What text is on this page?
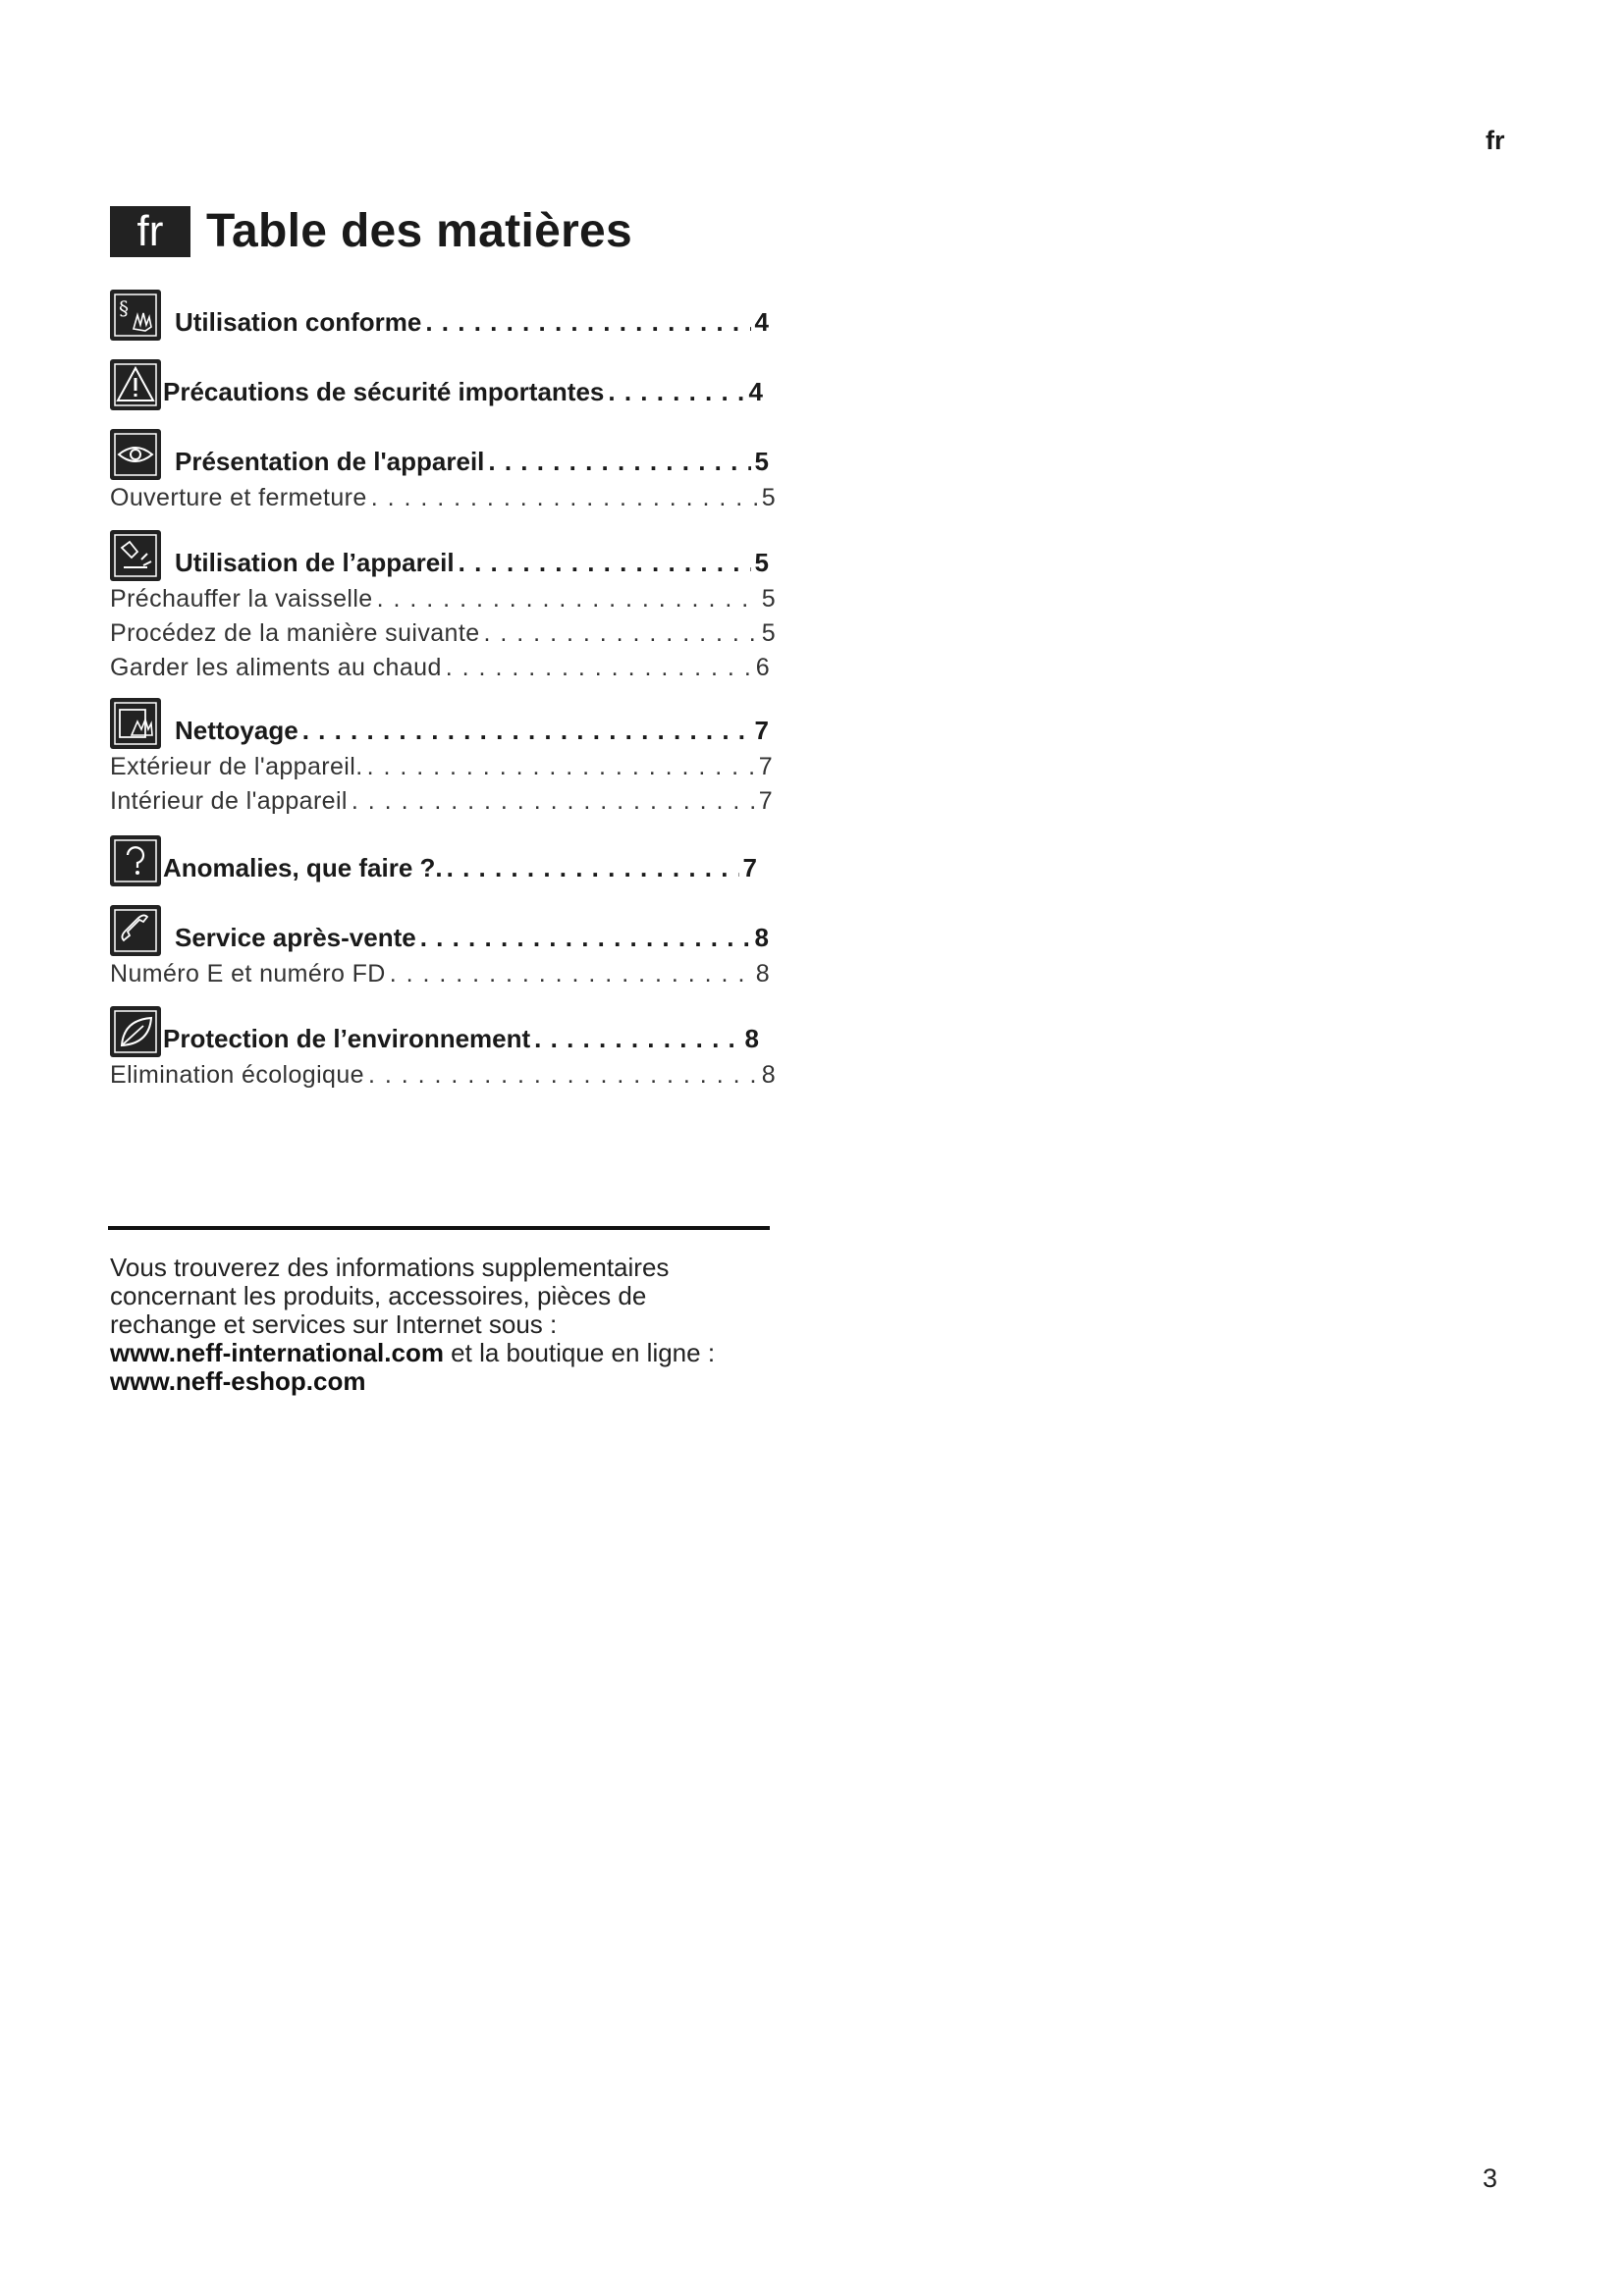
fr
fr Table des matières
§ Utilisation conforme . . .	4
Précautions de sécurité importantes . . .	4
Présentation de l'appareil . . .	5
Ouverture et fermeture . . .	5
Utilisation de l’appareil . . .	5
Préchauffer la vaisselle . . .	5
Procédez de la manière suivante . . .	5
Garder les aliments au chaud . . .	6
Nettoyage . . .	7
Extérieur de l'appareil. . . .	7
Intérieur de l'appareil . . .	7
Anomalies, que faire ?. . . .	7
Service après-vente . . .	8
Numéro E et numéro FD . . .	8
Protection de l’environnement . . .	8
Elimination écologique . . .	8
Vous trouverez des informations supplementaires
concernant les produits, accessoires, pièces de
rechange et services sur Internet sous :
www.neff-international.com et la boutique en ligne :
www.neff-eshop.com
3
